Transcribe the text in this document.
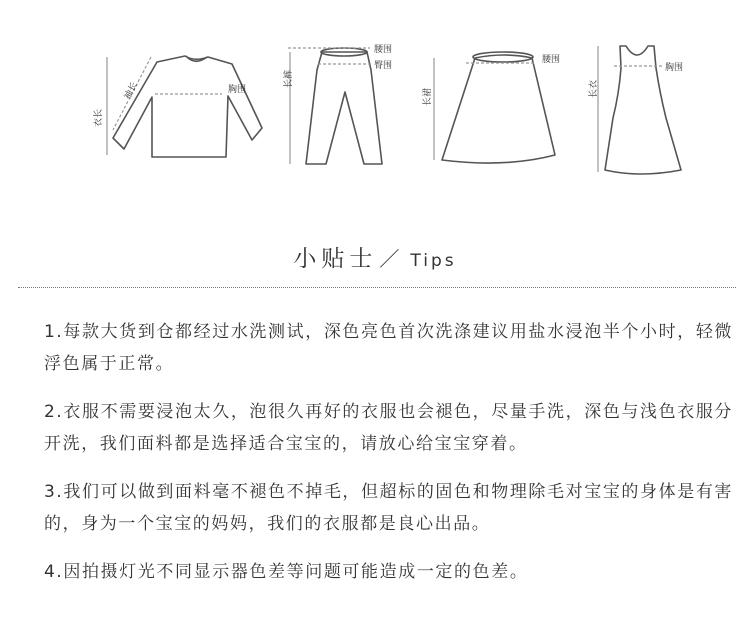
衣长
袖长	胸围
腰围
臀围
长裤
腰围
长裙
胸围
长衣
小贴士 ／ Tips
1.每款大货到仓都经过水洗测试，深色亮色首次洗涤建议用盐水浸泡半个小时，轻微浮色属于正常。
2.衣服不需要浸泡太久，泡很久再好的衣服也会褪色，尽量手洗，深色与浅色衣服分开洗，我们面料都是选择适合宝宝的，请放心给宝宝穿着。
3.我们可以做到面料毫不褪色不掉毛，但超标的固色和物理除毛对宝宝的身体是有害的，身为一个宝宝的妈妈，我们的衣服都是良心出品。
4.因拍摄灯光不同显示器色差等问题可能造成一定的色差。
